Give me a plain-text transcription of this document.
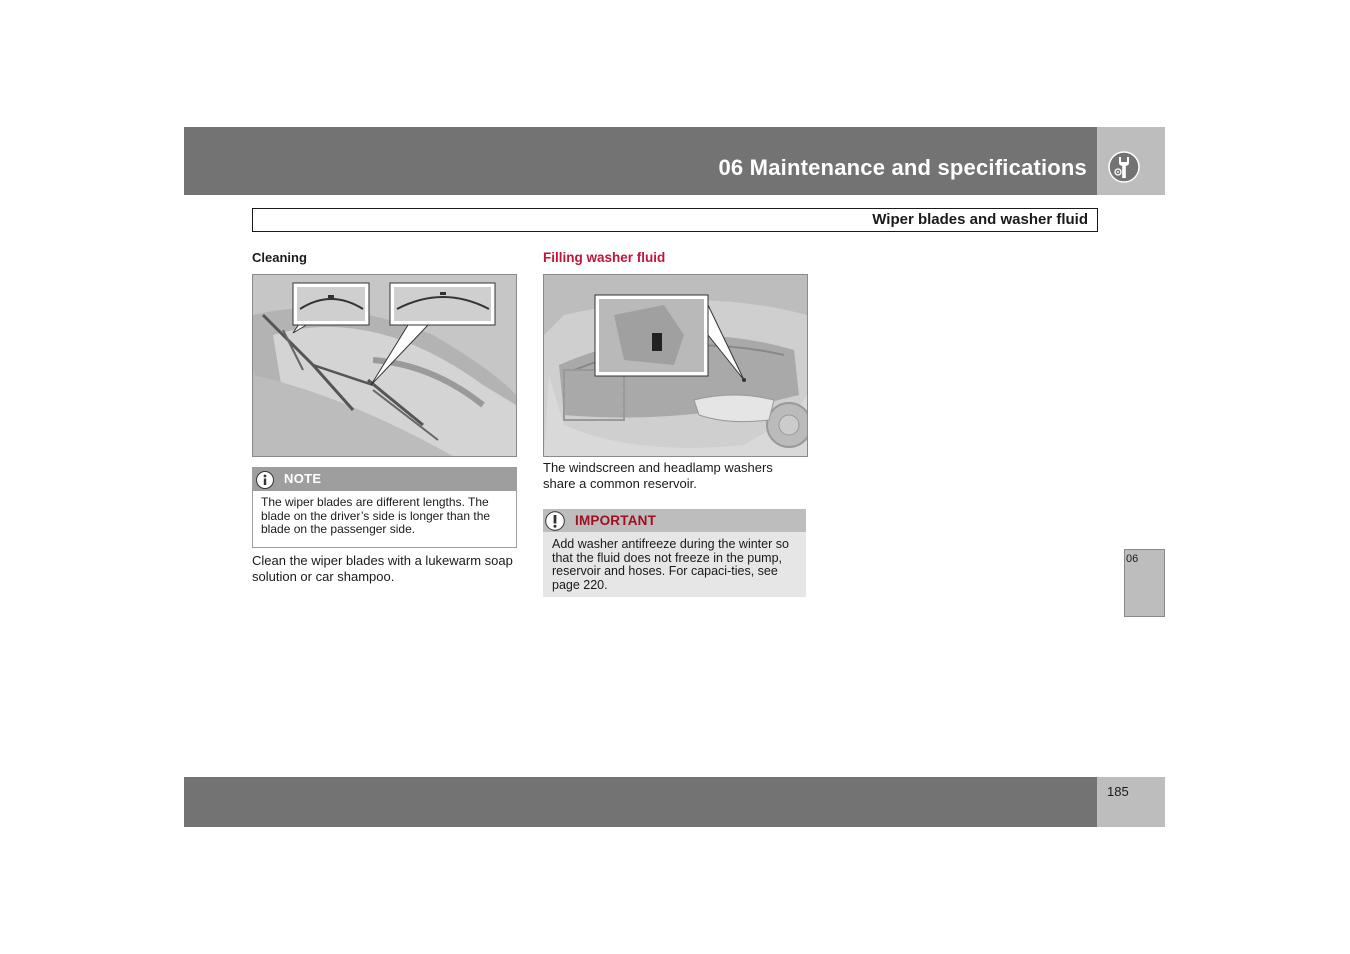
06 Maintenance and specifications
Wiper blades and washer fluid
Cleaning	Filling washer fluid
NOTE
The wiper blades are different lengths. The blade on the driver’s side is longer than the blade on the passenger side.
Clean the wiper blades with a lukewarm soap solution or car shampoo.
The windscreen and headlamp washers share a common reservoir.
IMPORTANT
Add washer antifreeze during the winter so that the fluid does not freeze in the pump, reservoir and hoses. For capaci-ties, see page 220.
06
185
